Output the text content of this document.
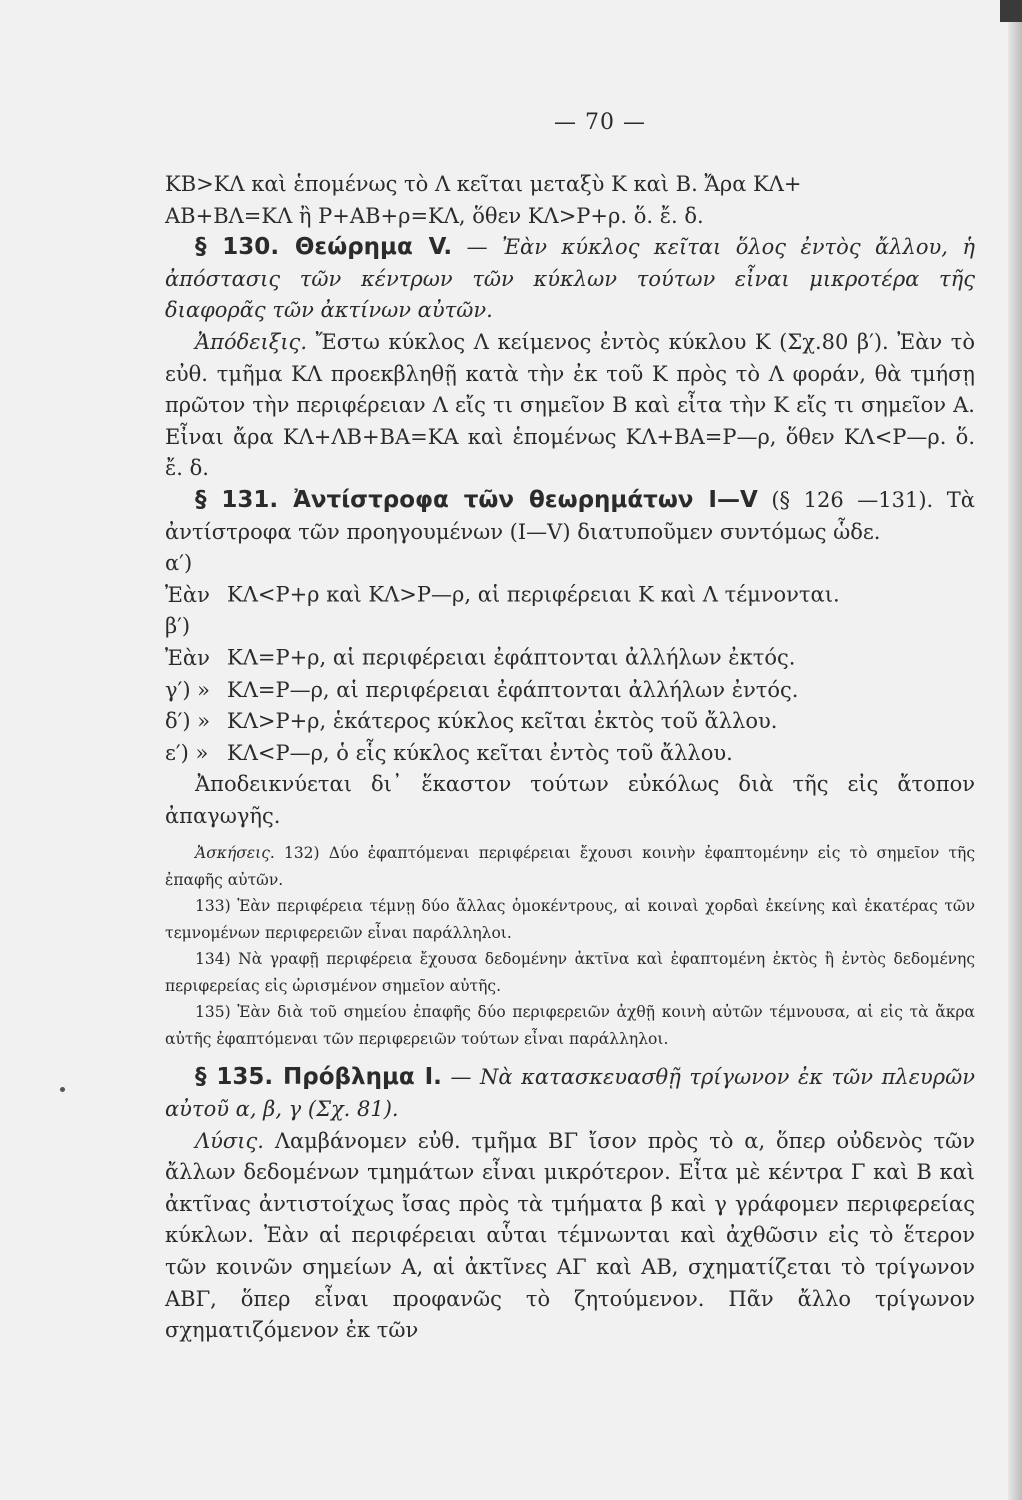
— 70 —

ΚΒ>ΚΛ καὶ ἑπομένως τὸ Λ κεῖται μεταξὺ Κ καὶ Β. Ἄρα ΚΛ+
ΑΒ+ΒΛ=ΚΛ ἢ Ρ+ΑΒ+ρ=ΚΛ, ὅθεν ΚΛ>Ρ+ρ. ὅ. ἔ. δ.

§ 130. Θεώρημα V. — Ἐὰν κύκλος κεῖται ὅλος ἐντὸς ἄλλου, ἡ ἀπόστασις τῶν κέντρων τῶν κύκλων τούτων εἶναι μικροτέρα τῆς διαφορᾶς τῶν ἀκτίνων αὐτῶν.

Ἀπόδειξις. Ἔστω κύκλος Λ κείμενος ἐντὸς κύκλου Κ (Σχ.80 β′). Ἐὰν τὸ εὐθ. τμῆμα ΚΛ προεκβληθῇ κατὰ τὴν ἐκ τοῦ Κ πρὸς τὸ Λ φοράν, θὰ τμήσῃ πρῶτον τὴν περιφέρειαν Λ εἴς τι σημεῖον Β καὶ εἶτα τὴν Κ εἴς τι σημεῖον Α. Εἶναι ἄρα ΚΛ+ΛΒ+ΒΑ=ΚΑ καὶ ἑπομένως ΚΛ+ΒΑ=Ρ—ρ, ὅθεν ΚΛ<Ρ—ρ. ὅ. ἔ. δ.

§ 131. Ἀντίστροφα τῶν θεωρημάτων I—V (§ 126 —131). Τὰ ἀντίστροφα τῶν προηγουμένων (I—V) διατυποῦμεν συντόμως ὧδε.

α′) Ἐὰν ΚΛ<Ρ+ρ καὶ ΚΛ>Ρ—ρ, αἱ περιφέρειαι Κ καὶ Λ τέμνονται.

β′) Ἐὰν ΚΛ=Ρ+ρ, αἱ περιφέρειαι ἐφάπτονται ἀλλήλων ἐκτός.

γ′) » ΚΛ=Ρ—ρ, αἱ περιφέρειαι ἐφάπτονται ἀλλήλων ἐντός.

δ′) » ΚΛ>Ρ+ρ, ἑκάτερος κύκλος κεῖται ἐκτὸς τοῦ ἄλλου.

ε′) » ΚΛ<Ρ—ρ, ὁ εἷς κύκλος κεῖται ἐντὸς τοῦ ἄλλου.

Ἀποδεικνύεται δι᾽ ἕκαστον τούτων εὐκόλως διὰ τῆς εἰς ἄτοπον ἀπαγωγῆς.

Ἀσκήσεις. 132) Δύο ἐφαπτόμεναι περιφέρειαι ἔχουσι κοινὴν ἐφαπτομένην εἰς τὸ σημεῖον τῆς ἐπαφῆς αὐτῶν.

133) Ἐὰν περιφέρεια τέμνῃ δύο ἄλλας ὁμοκέντρους, αἱ κοιναὶ χορδαὶ ἐκείνης καὶ ἑκατέρας τῶν τεμνομένων περιφερειῶν εἶναι παράλληλοι.

134) Νὰ γραφῇ περιφέρεια ἔχουσα δεδομένην ἀκτῖνα καὶ ἐφαπτομένη ἐκτὸς ἢ ἐντὸς δεδομένης περιφερείας εἰς ὡρισμένον σημεῖον αὐτῆς.

135) Ἐὰν διὰ τοῦ σημείου ἐπαφῆς δύο περιφερειῶν ἀχθῇ κοινὴ αὐτῶν τέμνουσα, αἱ εἰς τὰ ἄκρα αὐτῆς ἐφαπτόμεναι τῶν περιφερειῶν τούτων εἶναι παράλληλοι.

§ 135. Πρόβλημα I. — Νὰ κατασκευασθῇ τρίγωνον ἐκ τῶν πλευρῶν αὐτοῦ α, β, γ (Σχ. 81).

Λύσις. Λαμβάνομεν εὐθ. τμῆμα ΒΓ ἴσον πρὸς τὸ α, ὅπερ οὐδενὸς τῶν ἄλλων δεδομένων τμημάτων εἶναι μικρότερον. Εἶτα μὲ κέντρα Γ καὶ Β καὶ ἀκτῖνας ἀντιστοίχως ἴσας πρὸς τὰ τμήματα β καὶ γ γράφομεν περιφερείας κύκλων. Ἐὰν αἱ περιφέρειαι αὗται τέμνωνται καὶ ἀχθῶσιν εἰς τὸ ἕτερον τῶν κοινῶν σημείων Α, αἱ ἀκτῖνες ΑΓ καὶ ΑΒ, σχηματίζεται τὸ τρίγωνον ΑΒΓ, ὅπερ εἶναι προφανῶς τὸ ζητούμενον. Πᾶν ἄλλο τρίγωνον σχηματιζόμενον ἐκ τῶν
